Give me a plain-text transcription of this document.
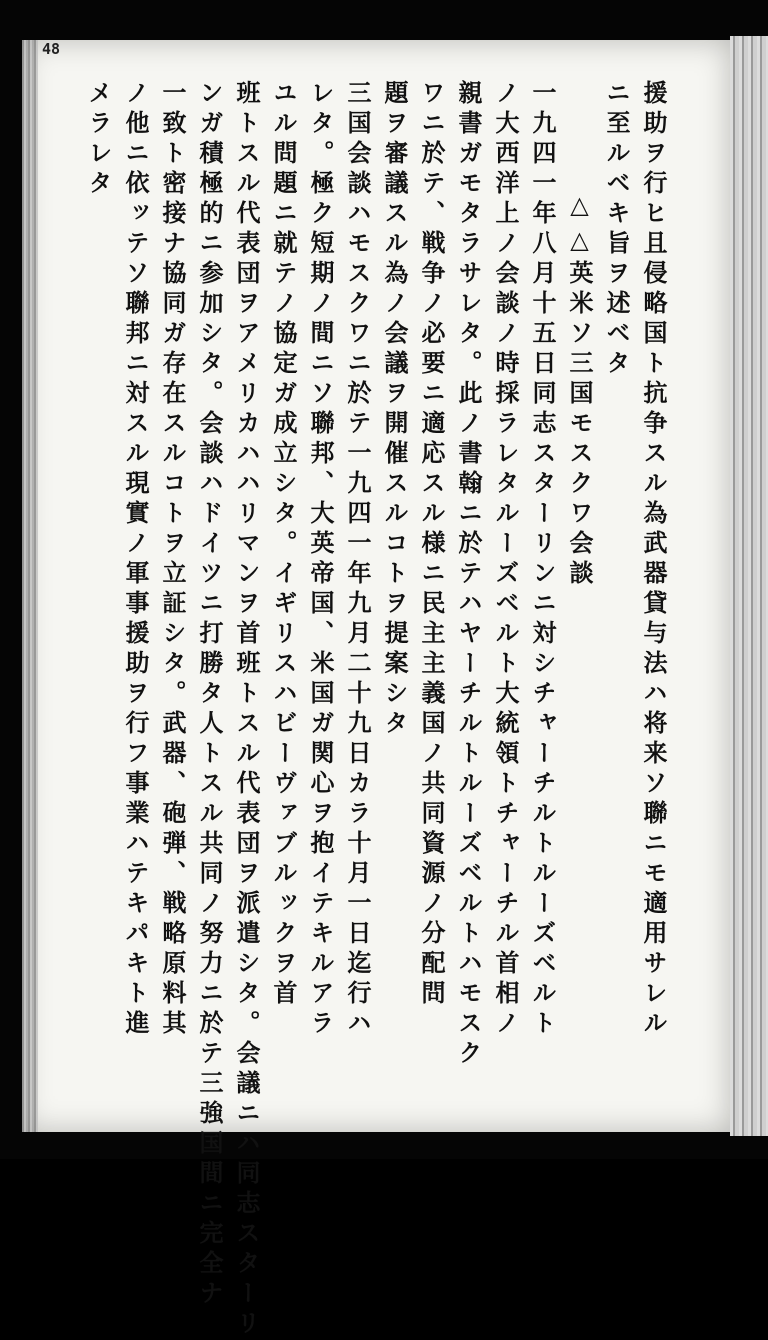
48
援助ヲ行ヒ且侵略国ト抗争スル為武器貸与法ハ将来ソ聯ニモ適用サレル
ニ至ルベキ旨ヲ述ベタ
△△英米ソ三国モスクワ会談
一九四一年八月十五日同志スターリンニ対シチャーチルトルーズベルト
ノ大西洋上ノ会談ノ時採ラレタルーズベルト大統領トチャーチル首相ノ
親書ガモタラサレタ。此ノ書翰ニ於テハヤーチルトルーズベルトハモスク
ワニ於テ、戦争ノ必要ニ適応スル様ニ民主主義国ノ共同資源ノ分配問
題ヲ審議スル為ノ会議ヲ開催スルコトヲ提案シタ
三国会談ハモスクワニ於テ一九四一年九月二十九日カラ十月一日迄行ハ
レタ。極ク短期ノ間ニソ聯邦、大英帝国、米国ガ関心ヲ抱イテキルアラ
ユル問題ニ就テノ協定ガ成立シタ。イギリスハビーヴァブルックヲ首
班トスル代表団ヲアメリカハハリマンヲ首班トスル代表団ヲ派遣シタ。会議ニハ同志スターリ
ンガ積極的ニ参加シタ。会談ハドイツニ打勝タ人トスル共同ノ努力ニ於テ三強国間ニ完全ナ
一致ト密接ナ協同ガ存在スルコトヲ立証シタ。武器、砲弾、戦略原料其
ノ他ニ依ッテソ聯邦ニ対スル現實ノ軍事援助ヲ行フ事業ハテキパキト進
メラレタ
